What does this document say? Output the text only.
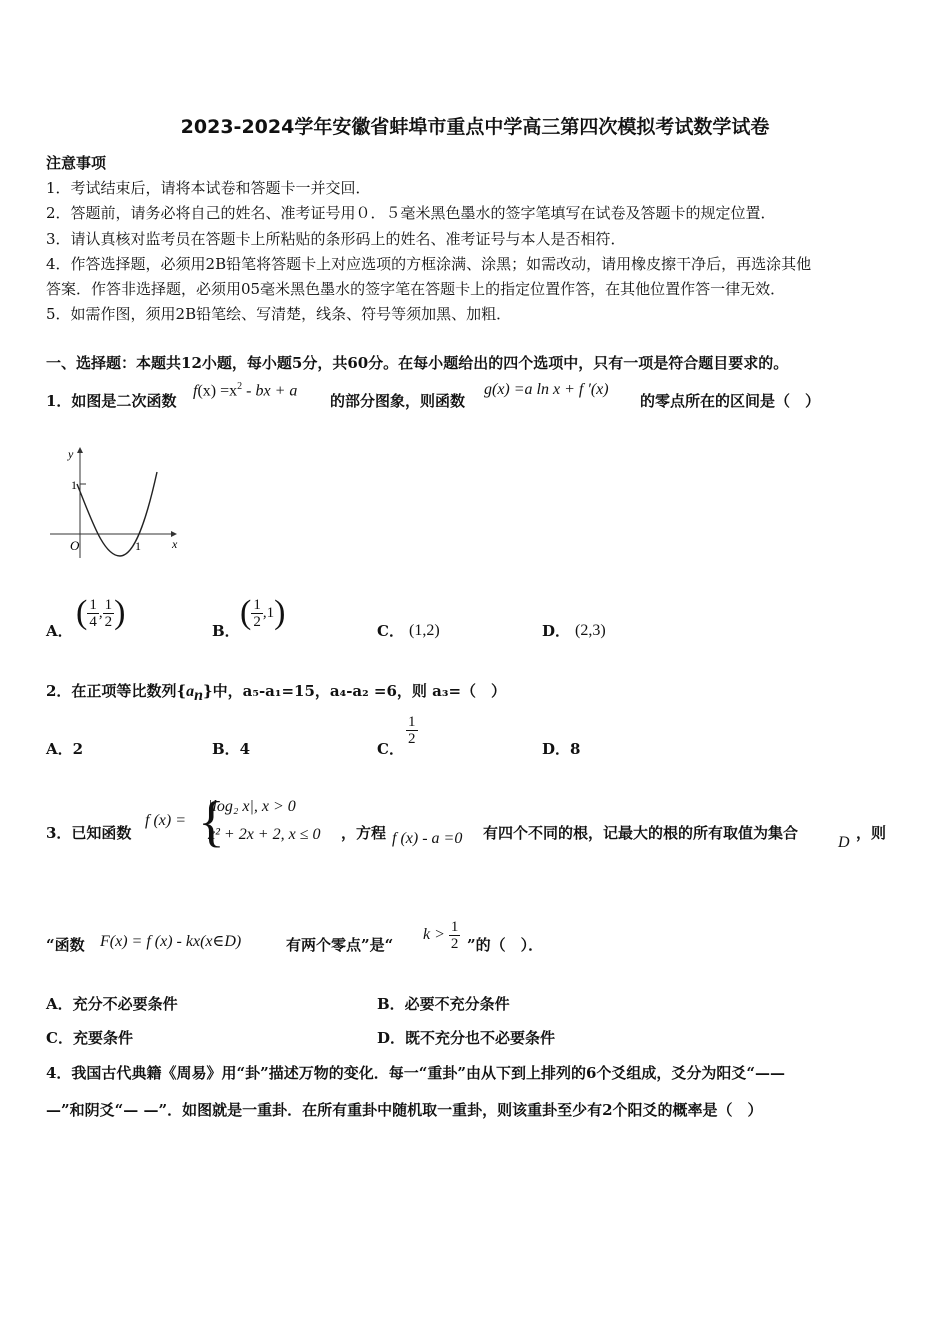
2023-2024学年安徽省蚌埠市重点中学高三第四次模拟考试数学试卷
注意事项
1．考试结束后，请将本试卷和答题卡一并交回．
2．答题前，请务必将自己的姓名、准考证号用０．５毫米黑色墨水的签字笔填写在试卷及答题卡的规定位置．
3．请认真核对监考员在答题卡上所粘贴的条形码上的姓名、准考证号与本人是否相符．
4．作答选择题，必须用2B铅笔将答题卡上对应选项的方框涂满、涂黑；如需改动，请用橡皮擦干净后，再选涂其他
答案．作答非选择题，必须用05毫米黑色墨水的签字笔在答题卡上的指定位置作答，在其他位置作答一律无效．
5．如需作图，须用2B铅笔绘、写清楚，线条、符号等须加黑、加粗．
一、选择题：本题共12小题，每小题5分，共60分。在每小题给出的四个选项中，只有一项是符合题目要求的。
1．如图是二次函数
$f(x) =x^2$ - bx + a
的部分图象，则函数
g(x) =a ln x + f ′(x)
的零点所在的区间是（　）
y
x
O
1
1
A． ( $\frac{1}{4}$ , $\frac{1}{2}$ )	B． ( $\frac{1}{2} ,1$)	C． (1,2)	D． (2,3)
2．在正项等比数列$\{a_n\}$中，a₅-a₁=15，a₄-a₂ =6，则 a₃=（　）
A．2	B．4	C．
$\frac{1}{2}$
D．8
3．已知函数
f (x) = {
|log₂ x|, x > 0
x² + 2x + 2, x ≤ 0 ，方程 f (x) - a =0 有四个不同的根，记最大的根的所有取值为集合
D
，则
“函数 F(x) = f (x) - kx(x∈D)	有两个零点”是“
$k > \frac{1}{2}$ ”的（　）．
A．充分不必要条件	B．必要不充分条件
C．充要条件	D．既不充分也不必要条件
4．我国古代典籍《周易》用“卦”描述万物的变化．每一“重卦”由从下到上排列的6个爻组成，爻分为阳爻“——
—”和阴爻“— —”．如图就是一重卦．在所有重卦中随机取一重卦，则该重卦至少有2个阳爻的概率是（　）
